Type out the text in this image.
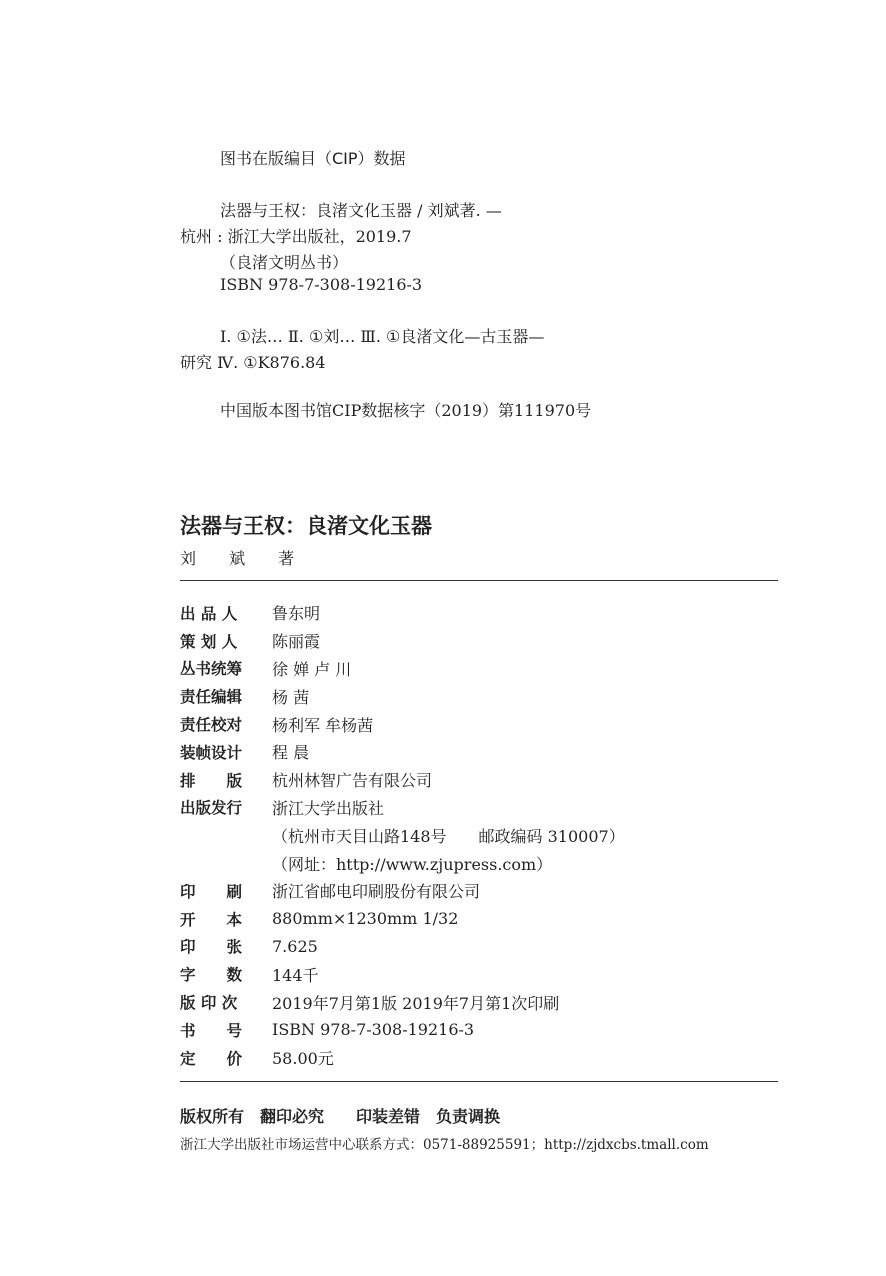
图书在版编目（CIP）数据
法器与王权：良渚文化玉器 / 刘斌著. —
杭州 : 浙江大学出版社，2019.7
（良渚文明丛书）
ISBN 978-7-308-19216-3
Ⅰ. ①法… Ⅱ. ①刘… Ⅲ. ①良渚文化—古玉器—
研究 Ⅳ. ①K876.84
中国版本图书馆CIP数据核字（2019）第111970号
法器与王权：良渚文化玉器
刘 斌 著
出 品 人	鲁东明
策 划 人	陈丽霞
丛书统筹	徐 婵 卢 川
责任编辑	杨 茜
责任校对	杨利军 牟杨茜
装帧设计	程 晨
排　　版	杭州林智广告有限公司
出版发行	浙江大学出版社
（杭州市天目山路148号　　邮政编码 310007）
（网址：http://www.zjupress.com）
印　　刷	浙江省邮电印刷股份有限公司
开　　本	880mm×1230mm 1/32
印　　张	7.625
字　　数	144千
版 印 次	2019年7月第1版 2019年7月第1次印刷
书　　号	ISBN 978-7-308-19216-3
定　　价	58.00元
版权所有　翻印必究　　印装差错　负责调换
浙江大学出版社市场运营中心联系方式：0571-88925591；http://zjdxcbs.tmall.com
